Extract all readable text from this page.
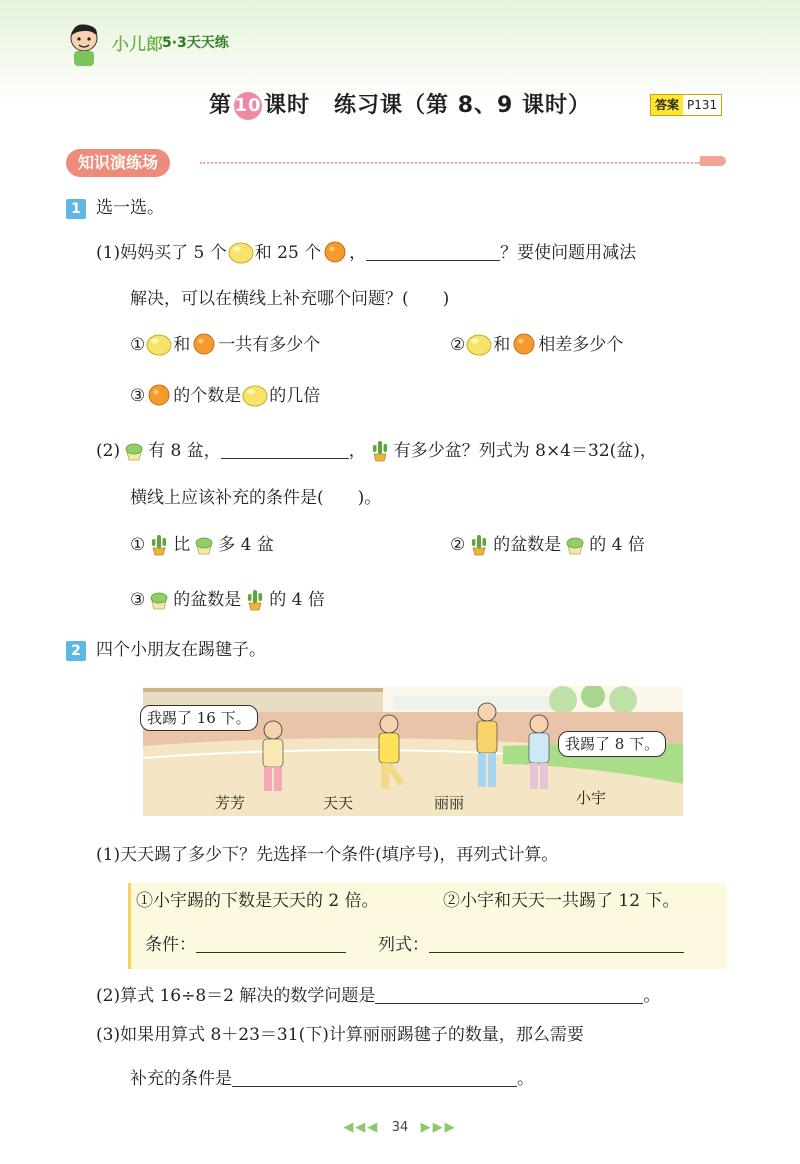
小儿郎 5·3天天练
第 10 课时 练习课（第 8、9 课时）	答案 P131
知识演练场
1 选一选。
(1)妈妈买了 5 个 和 25 个 ，	？要使问题用减法
解决，可以在横线上补充哪个问题？(　　)
① 和 一共有多少个	② 和 相差多少个
③ 的个数是 的几倍
(2) 有 8 盆，	， 有多少盆？列式为 8×4＝32(盆)，
横线上应该补充的条件是(　　)。
① 比 多 4 盆	② 的盆数是 的 4 倍
③ 的盆数是 的 4 倍
2 四个小朋友在踢毽子。
我踢了 16 下。
我踢了 8 下。
芳芳	天天	丽丽	小宇
(1)天天踢了多少下？先选择一个条件(填序号)，再列式计算。
①小宇踢的下数是天天的 2 倍。	②小宇和天天一共踢了 12 下。
条件：	列式：
(2)算式 16÷8＝2 解决的数学问题是	。
(3)如果用算式 8＋23＝31(下)计算丽丽踢毽子的数量，那么需要
补充的条件是	。
◀◀◀ 34 ▶▶▶
